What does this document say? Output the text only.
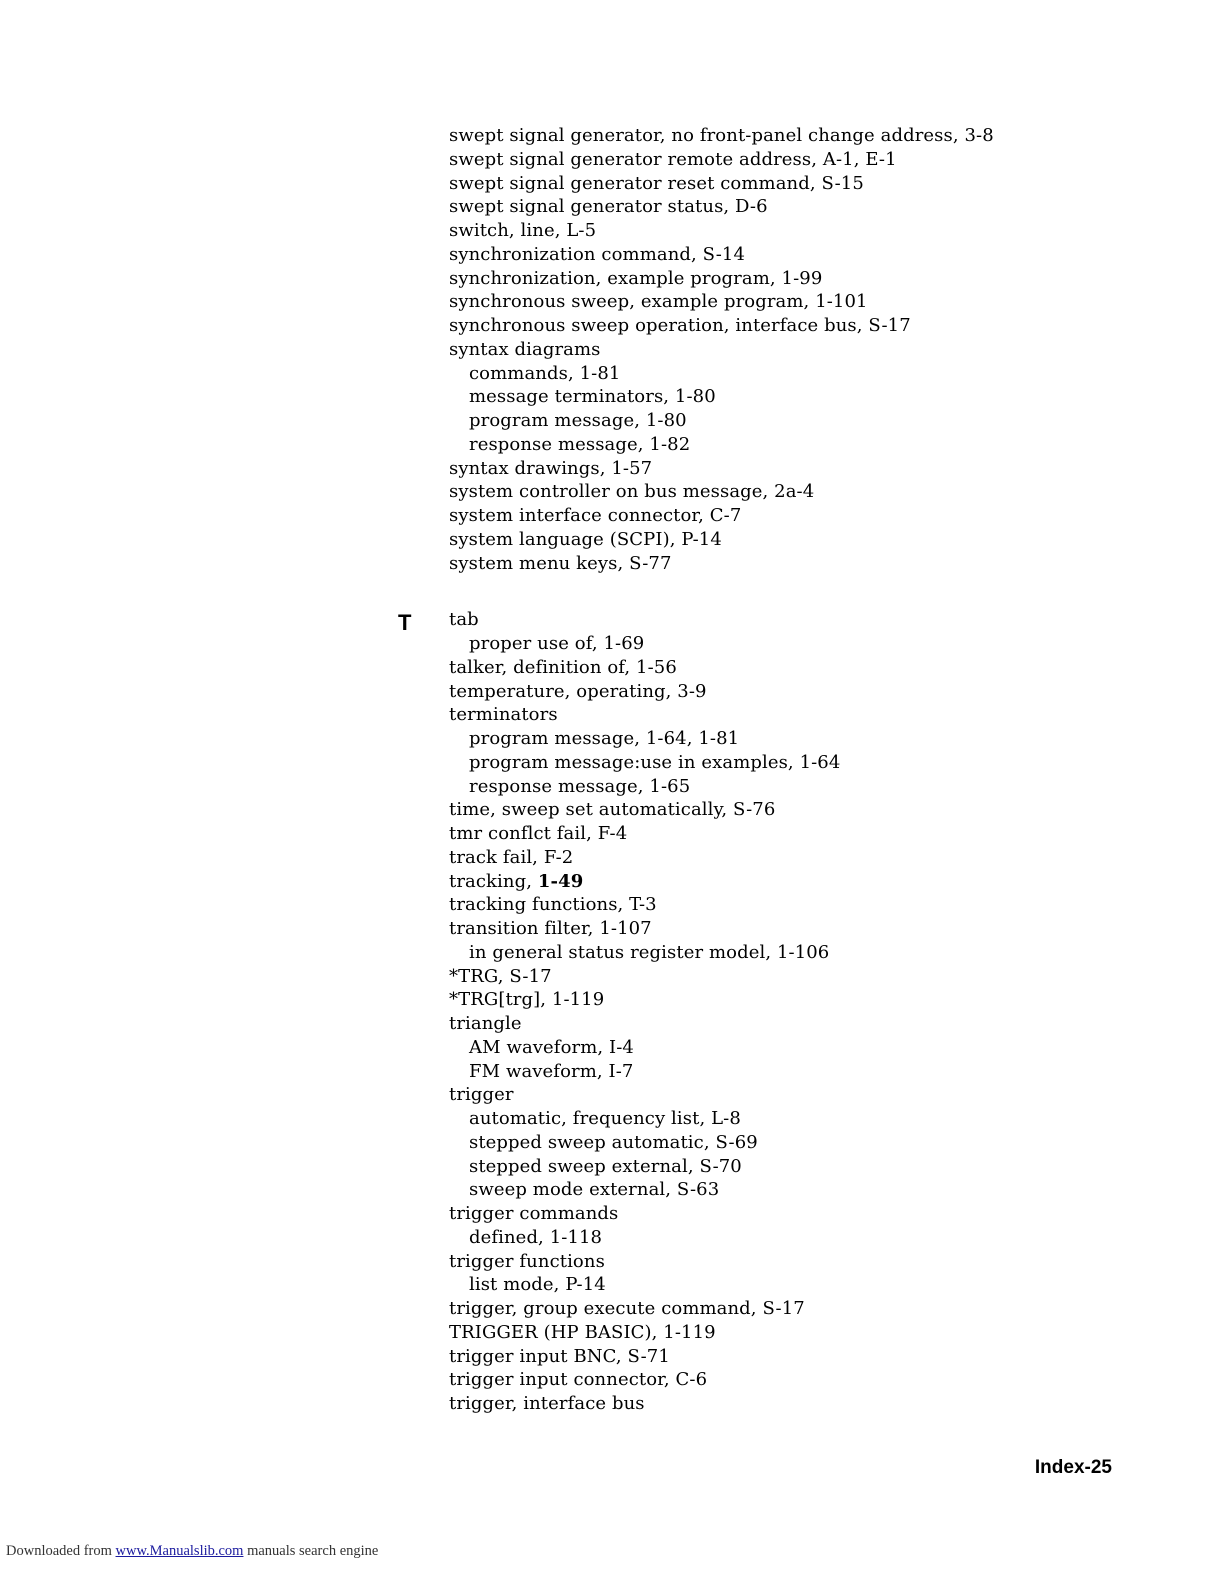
swept signal generator, no front-panel change address, 3-8
swept signal generator remote address, A-1, E-1
swept signal generator reset command, S-15
swept signal generator status, D-6
switch, line, L-5
synchronization command, S-14
synchronization, example program, 1-99
synchronous sweep, example program, 1-101
synchronous sweep operation, interface bus, S-17
syntax diagrams
commands, 1-81
message terminators, 1-80
program message, 1-80
response message, 1-82
syntax drawings, 1-57
system controller on bus message, 2a-4
system interface connector, C-7
system language (SCPI), P-14
system menu keys, S-77
tab
proper use of, 1-69
talker, definition of, 1-56
temperature, operating, 3-9
terminators
program message, 1-64, 1-81
program message:use in examples, 1-64
response message, 1-65
time, sweep set automatically, S-76
tmr conflct fail, F-4
track fail, F-2
tracking, 1-49
tracking functions, T-3
transition filter, 1-107
in general status register model, 1-106
*TRG, S-17
*TRG[trg], 1-119
triangle
AM waveform, I-4
FM waveform, I-7
trigger
automatic, frequency list, L-8
stepped sweep automatic, S-69
stepped sweep external, S-70
sweep mode external, S-63
trigger commands
defined, 1-118
trigger functions
list mode, P-14
trigger, group execute command, S-17
TRIGGER (HP BASIC), 1-119
trigger input BNC, S-71
trigger input connector, C-6
trigger, interface bus
T
Index-25
Downloaded from www.Manualslib.com manuals search engine
